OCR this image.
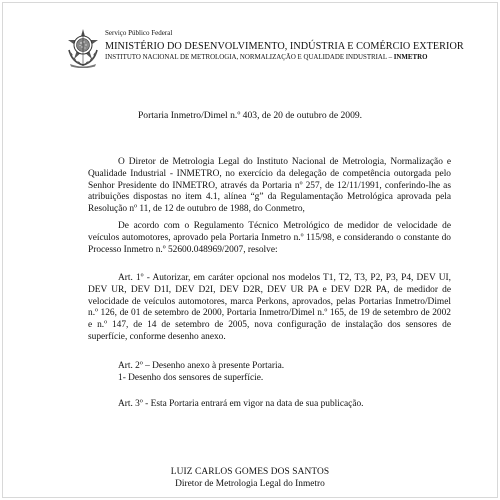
Serviço Público Federal
MINISTÉRIO DO DESENVOLVIMENTO, INDÚSTRIA E COMÉRCIO EXTERIOR
INSTITUTO NACIONAL DE METROLOGIA, NORMALIZAÇÃO E QUALIDADE INDUSTRIAL – INMETRO
Portaria Inmetro/Dimel n.º 403, de 20 de outubro de 2009.
O Diretor de Metrologia Legal do Instituto Nacional de Metrologia, Normalização e Qualidade Industrial - INMETRO, no exercício da delegação de competência outorgada pelo Senhor Presidente do INMETRO, através da Portaria nº 257, de 12/11/1991, conferindo-lhe as atribuições dispostas no item 4.1, alínea “g” da Regulamentação Metrológica aprovada pela Resolução nº 11, de 12 de outubro de 1988, do Conmetro,
De acordo com o Regulamento Técnico Metrológico de medidor de velocidade de veículos automotores, aprovado pela Portaria Inmetro n.º 115/98, e considerando o constante do Processo Inmetro n.º 52600.048969/2007, resolve:
Art. 1º - Autorizar, em caráter opcional nos modelos T1, T2, T3, P2, P3, P4, DEV UI, DEV UR, DEV D1I, DEV D2I, DEV D2R, DEV UR PA e DEV D2R PA, de medidor de velocidade de veículos automotores, marca Perkons, aprovados, pelas Portarias Inmetro/Dimel n.º 126, de 01 de setembro de 2000, Portaria Inmetro/Dimel n.º 165, de 19 de setembro de 2002 e n.º 147, de 14 de setembro de 2005, nova configuração de instalação dos sensores de superfície, conforme desenho anexo.
Art. 2º – Desenho anexo à presente Portaria.
1- Desenho dos sensores de superfície.
Art. 3º - Esta Portaria entrará em vigor na data de sua publicação.
LUIZ CARLOS GOMES DOS SANTOS
Diretor de Metrologia Legal do Inmetro
